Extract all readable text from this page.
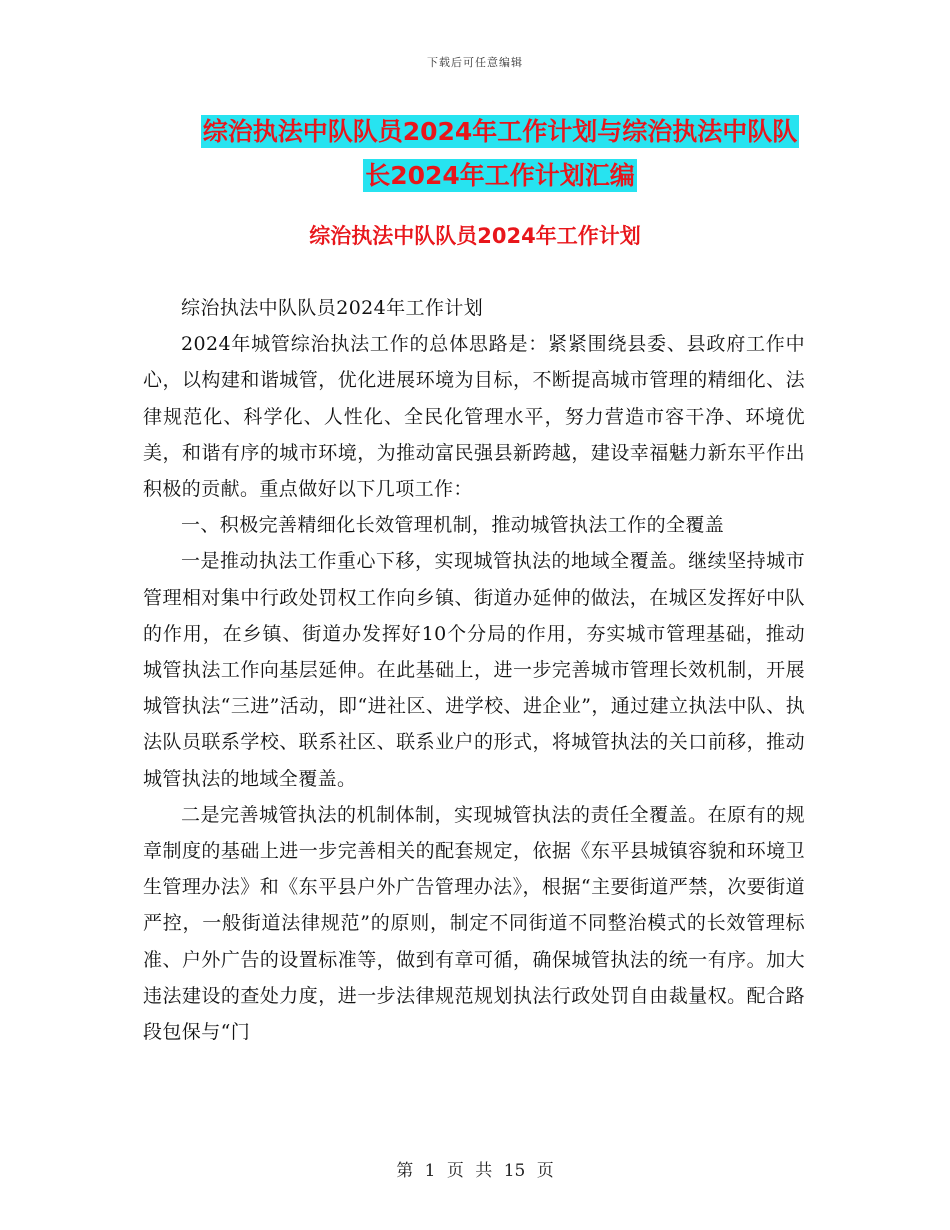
下载后可任意编辑
综治执法中队队员2024年工作计划与综治执法中队队
长2024年工作计划汇编
综治执法中队队员2024年工作计划

综治执法中队队员2024年工作计划

2024年城管综治执法工作的总体思路是：紧紧围绕县委、县政府工作中心，以构建和谐城管，优化进展环境为目标，不断提高城市管理的精细化、法律规范化、科学化、人性化、全民化管理水平，努力营造市容干净、环境优美，和谐有序的城市环境，为推动富民强县新跨越，建设幸福魅力新东平作出积极的贡献。重点做好以下几项工作：

一、积极完善精细化长效管理机制，推动城管执法工作的全覆盖

一是推动执法工作重心下移，实现城管执法的地域全覆盖。继续坚持城市管理相对集中行政处罚权工作向乡镇、街道办延伸的做法，在城区发挥好中队的作用，在乡镇、街道办发挥好10个分局的作用，夯实城市管理基础，推动城管执法工作向基层延伸。在此基础上，进一步完善城市管理长效机制，开展城管执法“三进”活动，即“进社区、进学校、进企业”，通过建立执法中队、执法队员联系学校、联系社区、联系业户的形式，将城管执法的关口前移，推动城管执法的地域全覆盖。

二是完善城管执法的机制体制，实现城管执法的责任全覆盖。在原有的规章制度的基础上进一步完善相关的配套规定，依据《东平县城镇容貌和环境卫生管理办法》和《东平县户外广告管理办法》，根据“主要街道严禁，次要街道严控，一般街道法律规范”的原则，制定不同街道不同整治模式的长效管理标准、户外广告的设置标准等，做到有章可循，确保城管执法的统一有序。加大违法建设的查处力度，进一步法律规范规划执法行政处罚自由裁量权。配合路段包保与“门

第 1 页 共 15 页
